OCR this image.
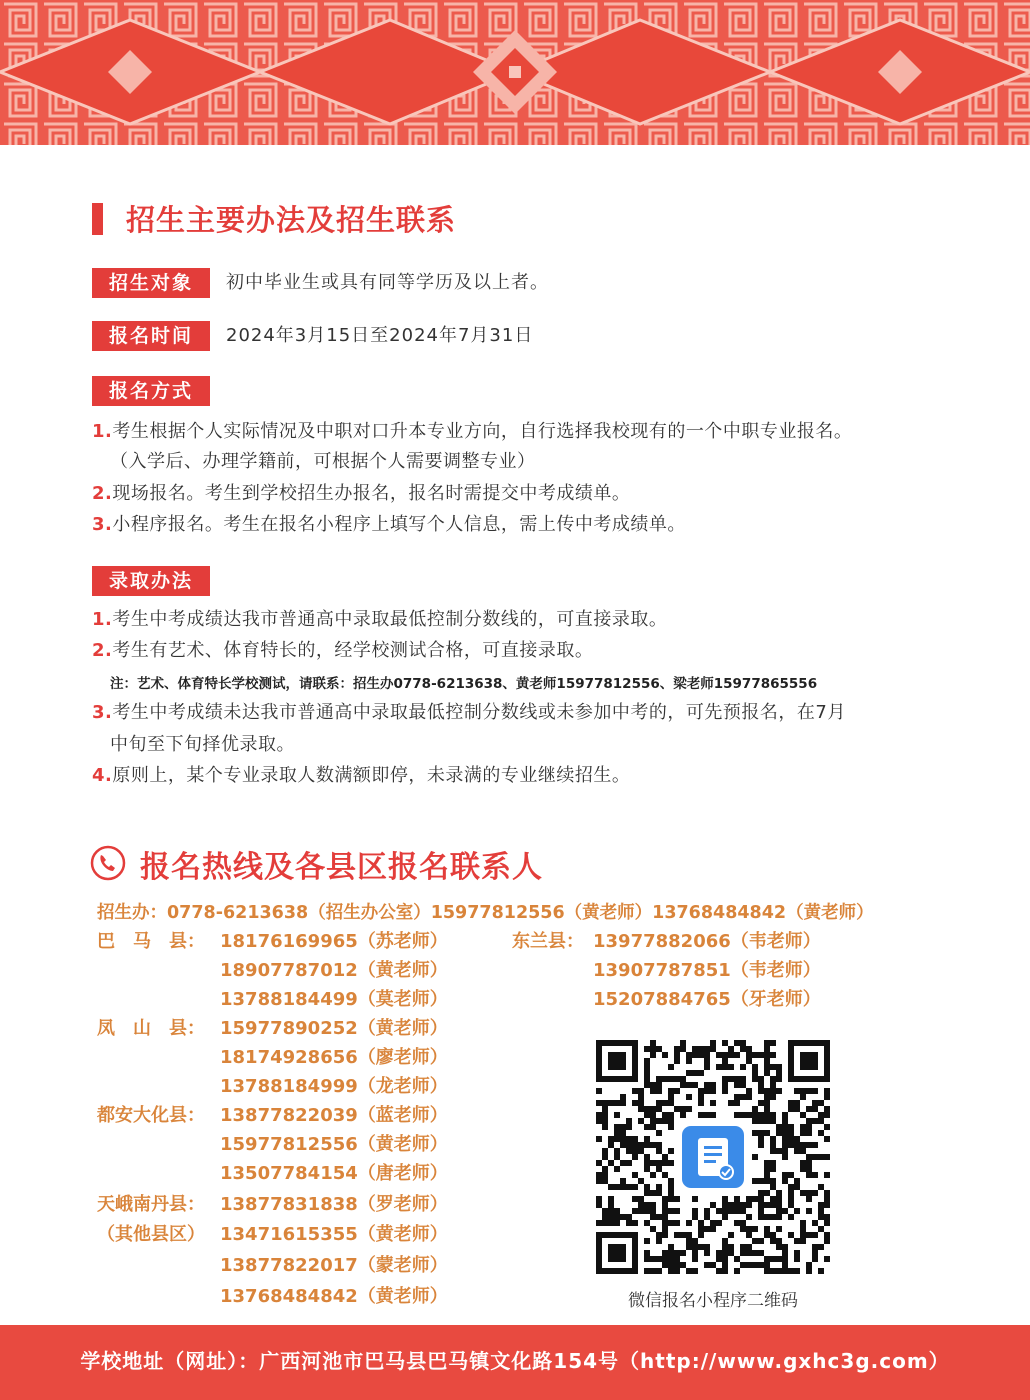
招生主要办法及招生联系
招生对象	初中毕业生或具有同等学历及以上者。
报名时间	2024年3月15日至2024年7月31日
报名方式
1.考生根据个人实际情况及中职对口升本专业方向，自行选择我校现有的一个中职专业报名。
（入学后、办理学籍前，可根据个人需要调整专业）
2.现场报名。考生到学校招生办报名，报名时需提交中考成绩单。
3.小程序报名。考生在报名小程序上填写个人信息，需上传中考成绩单。
录取办法
1.考生中考成绩达我市普通高中录取最低控制分数线的，可直接录取。
2.考生有艺术、体育特长的，经学校测试合格，可直接录取。
注：艺术、体育特长学校测试，请联系：招生办0778-6213638、黄老师15977812556、梁老师15977865556
3.考生中考成绩未达我市普通高中录取最低控制分数线或未参加中考的，可先预报名，在7月
中旬至下旬择优录取。
4.原则上，某个专业录取人数满额即停，未录满的专业继续招生。
报名热线及各县区报名联系人
招生办：0778-6213638（招生办公室）15977812556（黄老师）13768484842（黄老师）
巴　马　县： 18176169965（苏老师）
18907787012（黄老师）
13788184499（莫老师）
凤　山　县： 15977890252（黄老师）
18174928656（廖老师）
13788184999（龙老师）
都安大化县： 13877822039（蓝老师）
15977812556（黄老师）
13507784154（唐老师）
天峨南丹县：
（其他县区）
13877831838（罗老师）
13471615355（黄老师）
13877822017（蒙老师）
13768484842（黄老师）
东兰县： 13977882066（韦老师）
13907787851（韦老师）
15207884765（牙老师）
微信报名小程序二维码
学校地址（网址）：广西河池市巴马县巴马镇文化路154号（http://www.gxhc3g.com）
